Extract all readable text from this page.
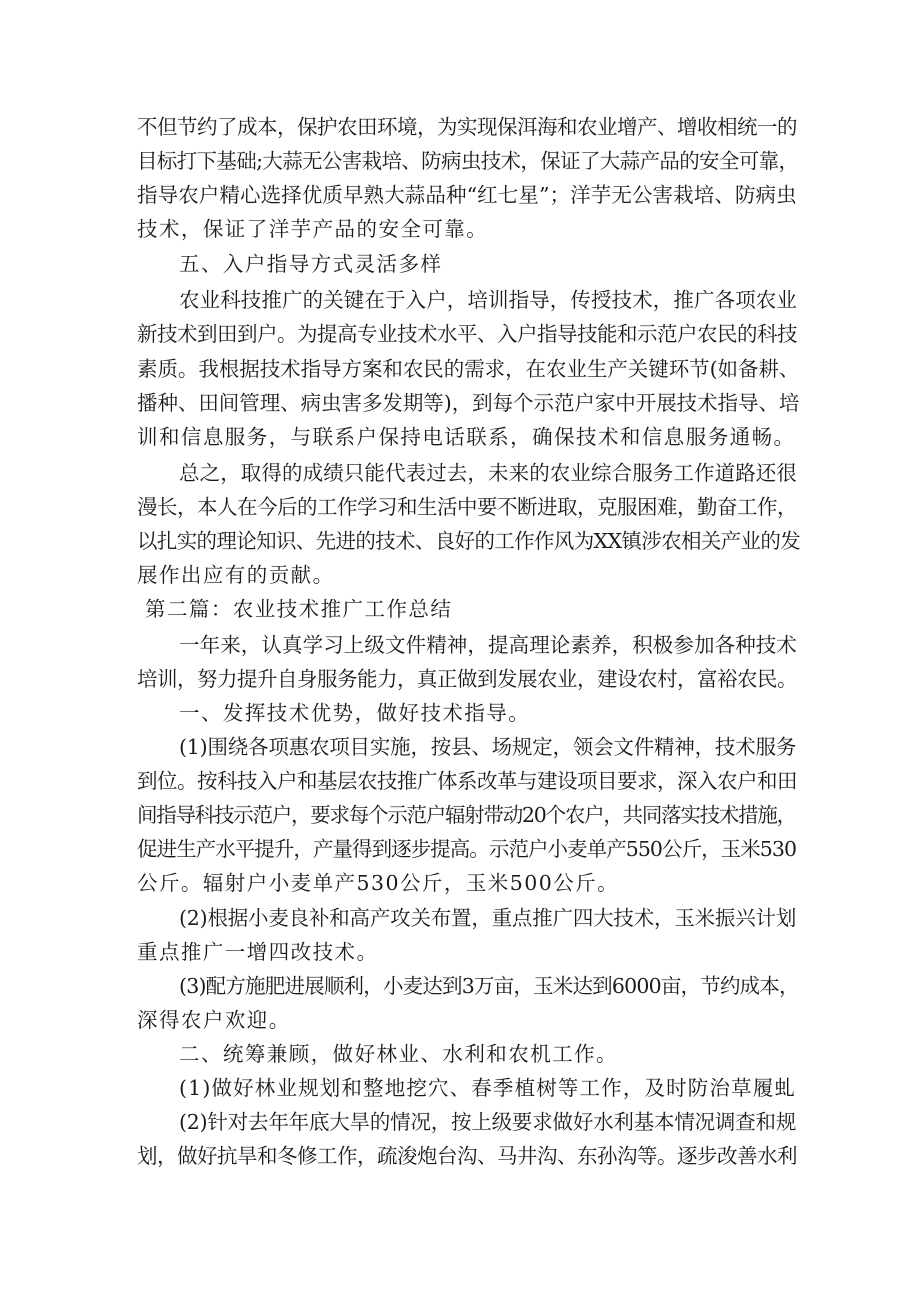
不但节约了成本，保护农田环境，为实现保洱海和农业增产、增收相统一的
目标打下基础;大蒜无公害栽培、防病虫技术，保证了大蒜产品的安全可靠，
指导农户精心选择优质早熟大蒜品种“红七星”；洋芋无公害栽培、防病虫
技术，保证了洋芋产品的安全可靠。
五、入户指导方式灵活多样
农业科技推广的关键在于入户，培训指导，传授技术，推广各项农业
新技术到田到户。为提高专业技术水平、入户指导技能和示范户农民的科技
素质。我根据技术指导方案和农民的需求，在农业生产关键环节(如备耕、
播种、田间管理、病虫害多发期等)，到每个示范户家中开展技术指导、培
训和信息服务，与联系户保持电话联系，确保技术和信息服务通畅。
总之，取得的成绩只能代表过去，未来的农业综合服务工作道路还很
漫长，本人在今后的工作学习和生活中要不断进取，克服困难，勤奋工作，
以扎实的理论知识、先进的技术、良好的工作作风为XX镇涉农相关产业的发
展作出应有的贡献。
第二篇：农业技术推广工作总结
一年来，认真学习上级文件精神，提高理论素养，积极参加各种技术
培训，努力提升自身服务能力，真正做到发展农业，建设农村，富裕农民。
一、发挥技术优势，做好技术指导。
(1)围绕各项惠农项目实施，按县、场规定，领会文件精神，技术服务
到位。按科技入户和基层农技推广体系改革与建设项目要求，深入农户和田
间指导科技示范户，要求每个示范户辐射带动20个农户，共同落实技术措施，
促进生产水平提升，产量得到逐步提高。示范户小麦单产550公斤，玉米530
公斤。辐射户小麦单产530公斤，玉米500公斤。
(2)根据小麦良补和高产攻关布置，重点推广四大技术，玉米振兴计划
重点推广一增四改技术。
(3)配方施肥进展顺利，小麦达到3万亩，玉米达到6000亩，节约成本，
深得农户欢迎。
二、统筹兼顾，做好林业、水利和农机工作。
(1)做好林业规划和整地挖穴、春季植树等工作，及时防治草履虬
(2)针对去年年底大旱的情况，按上级要求做好水利基本情况调查和规
划，做好抗旱和冬修工作，疏浚炮台沟、马井沟、东孙沟等。逐步改善水利
